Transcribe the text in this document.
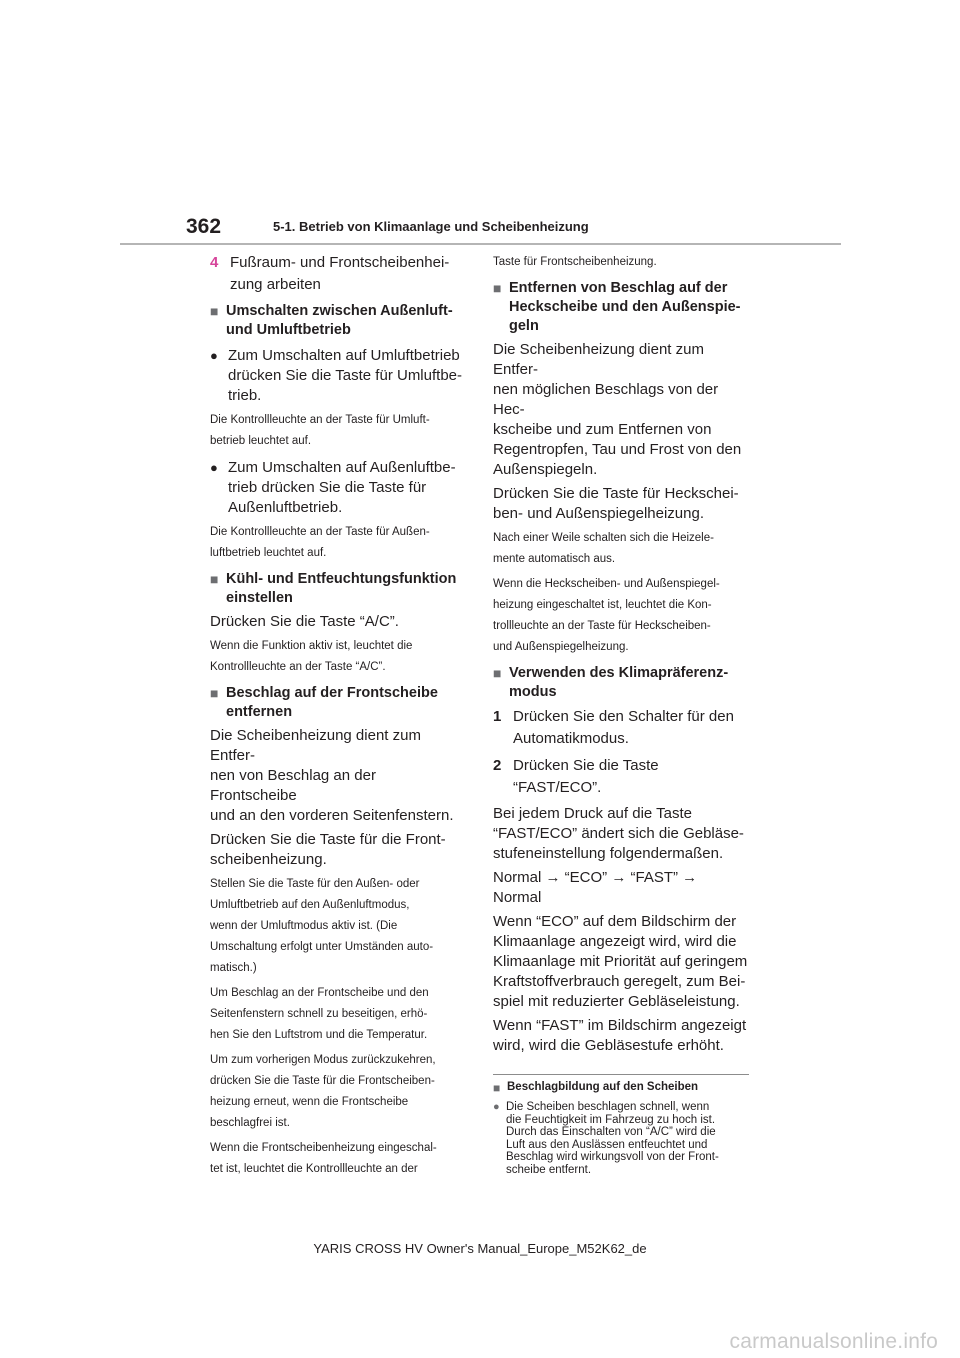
362	5-1. Betrieb von Klimaanlage und Scheibenheizung
4 Fußraum- und Frontscheibenhei-
zung arbeiten
■ Umschalten zwischen Außenluft-
und Umluftbetrieb
● Zum Umschalten auf Umluftbetrieb
drücken Sie die Taste für Umluftbe-
trieb.

Die Kontrollleuchte an der Taste für Umluft-
betrieb leuchtet auf.

● Zum Umschalten auf Außenluftbe-
trieb drücken Sie die Taste für
Außenluftbetrieb.

Die Kontrollleuchte an der Taste für Außen-
luftbetrieb leuchtet auf.

■ Kühl- und Entfeuchtungsfunktion
einstellen

Drücken Sie die Taste “A/C”.

Wenn die Funktion aktiv ist, leuchtet die
Kontrollleuchte an der Taste “A/C”.

■ Beschlag auf der Frontscheibe
entfernen

Die Scheibenheizung dient zum Entfer-
nen von Beschlag an der Frontscheibe
und an den vorderen Seitenfenstern.

Drücken Sie die Taste für die Front-
scheibenheizung.

Stellen Sie die Taste für den Außen- oder
Umluftbetrieb auf den Außenluftmodus,
wenn der Umluftmodus aktiv ist. (Die
Umschaltung erfolgt unter Umständen auto-
matisch.)

Um Beschlag an der Frontscheibe und den
Seitenfenstern schnell zu beseitigen, erhö-
hen Sie den Luftstrom und die Temperatur.

Um zum vorherigen Modus zurückzukehren,
drücken Sie die Taste für die Frontscheiben-
heizung erneut, wenn die Frontscheibe
beschlagfrei ist.

Wenn die Frontscheibenheizung eingeschal-
tet ist, leuchtet die Kontrollleuchte an der

Taste für Frontscheibenheizung.

■ Entfernen von Beschlag auf der
Heckscheibe und den Außenspie-
geln

Die Scheibenheizung dient zum Entfer-
nen möglichen Beschlags von der Hec-
kscheibe und zum Entfernen von
Regentropfen, Tau und Frost von den
Außenspiegeln.

Drücken Sie die Taste für Heckschei-
ben- und Außenspiegelheizung.

Nach einer Weile schalten sich die Heizele-
mente automatisch aus.

Wenn die Heckscheiben- und Außenspiegel-
heizung eingeschaltet ist, leuchtet die Kon-
trollleuchte an der Taste für Heckscheiben-
und Außenspiegelheizung.

■ Verwenden des Klimapräferenz-
modus
1 Drücken Sie den Schalter für den
Automatikmodus.
2 Drücken Sie die Taste “FAST/ECO”.

Bei jedem Druck auf die Taste
“FAST/ECO” ändert sich die Gebläse-
stufeneinstellung folgendermaßen.

Normal → “ECO” → “FAST” → Normal

Wenn “ECO” auf dem Bildschirm der
Klimaanlage angezeigt wird, wird die
Klimaanlage mit Priorität auf geringem
Kraftstoffverbrauch geregelt, zum Bei-
spiel mit reduzierter Gebläseleistung.

Wenn “FAST” im Bildschirm angezeigt
wird, wird die Gebläsestufe erhöht.

■ Beschlagbildung auf den Scheiben
● Die Scheiben beschlagen schnell, wenn
die Feuchtigkeit im Fahrzeug zu hoch ist.
Durch das Einschalten von “A/C” wird die
Luft aus den Auslässen entfeuchtet und
Beschlag wird wirkungsvoll von der Front-
scheibe entfernt.
YARIS CROSS HV Owner's Manual_Europe_M52K62_de
carmanualsonline.info
